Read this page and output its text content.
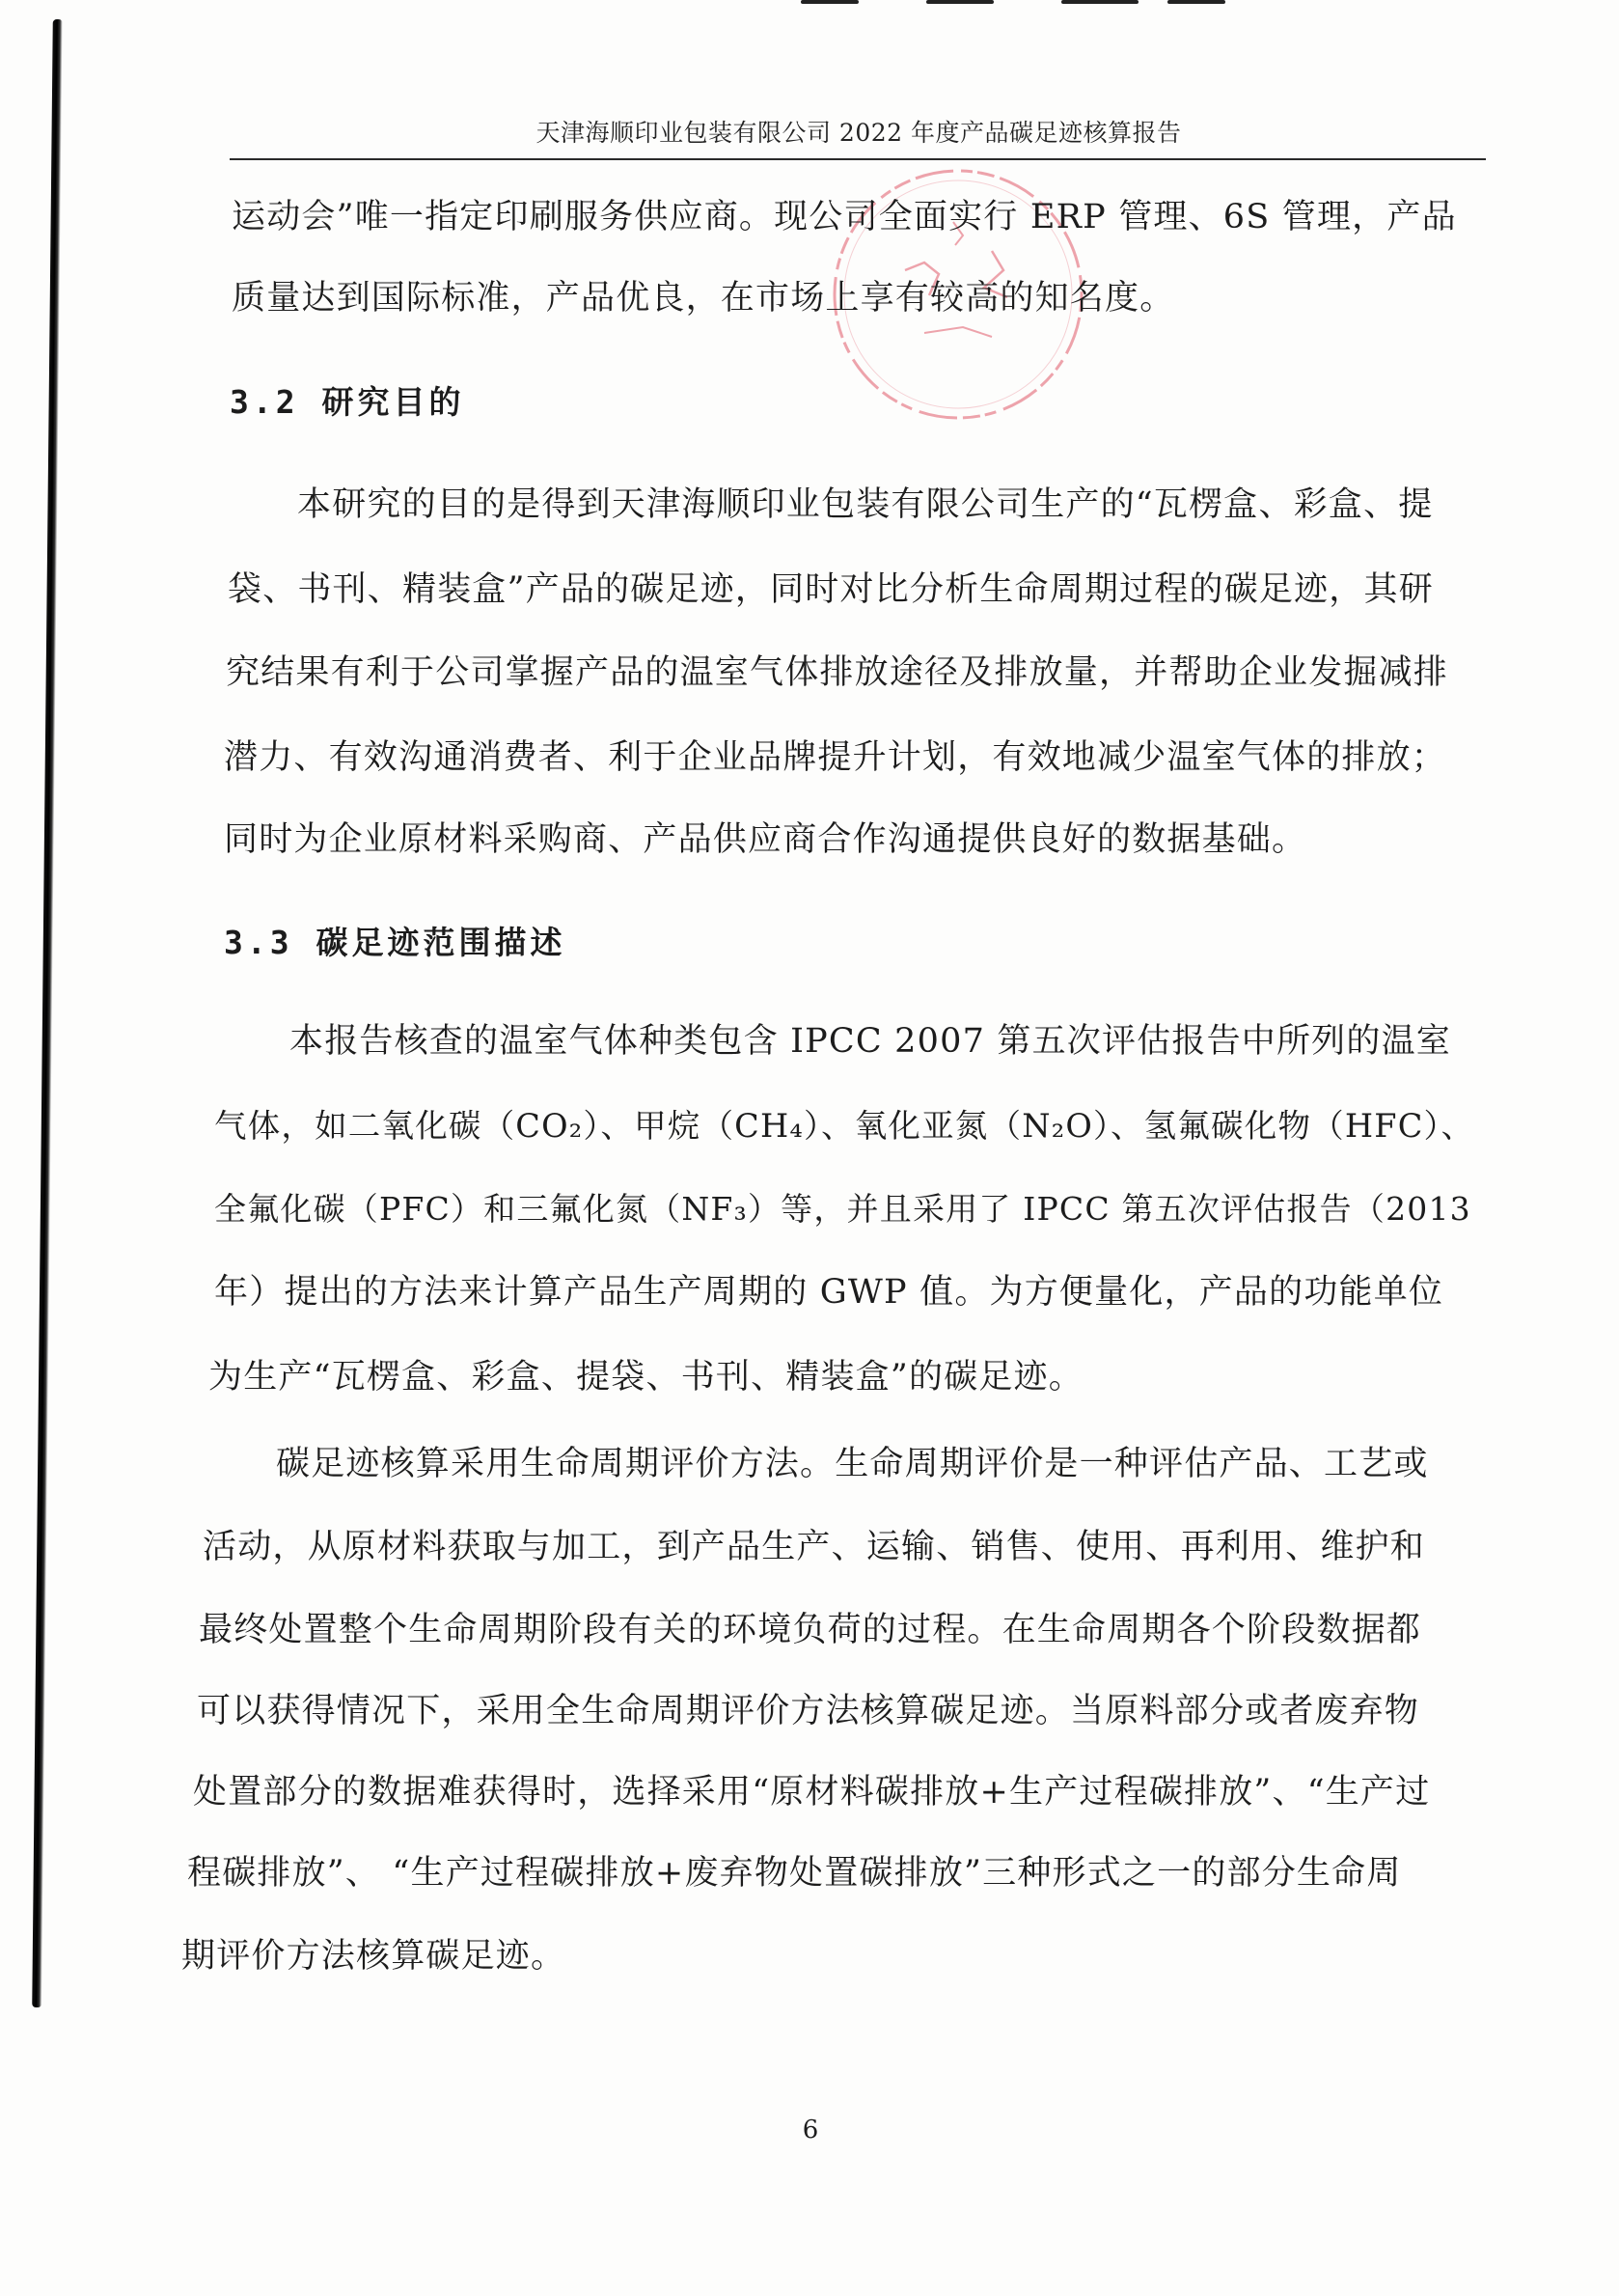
天津海顺印业包装有限公司 2022 年度产品碳足迹核算报告
运动会”唯一指定印刷服务供应商。现公司全面实行 ERP 管理、6S 管理，产品
质量达到国际标准，产品优良，在市场上享有较高的知名度。
3.2 研究目的
本研究的目的是得到天津海顺印业包装有限公司生产的“瓦楞盒、彩盒、提
袋、书刊、精装盒”产品的碳足迹，同时对比分析生命周期过程的碳足迹，其研
究结果有利于公司掌握产品的温室气体排放途径及排放量，并帮助企业发掘减排
潜力、有效沟通消费者、利于企业品牌提升计划，有效地减少温室气体的排放；
同时为企业原材料采购商、产品供应商合作沟通提供良好的数据基础。
3.3 碳足迹范围描述
本报告核查的温室气体种类包含 IPCC 2007 第五次评估报告中所列的温室
气体，如二氧化碳（CO₂）、甲烷（CH₄）、氧化亚氮（N₂O）、氢氟碳化物（HFC）、
全氟化碳（PFC）和三氟化氮（NF₃）等，并且采用了 IPCC 第五次评估报告（2013
年）提出的方法来计算产品生产周期的 GWP 值。为方便量化，产品的功能单位
为生产“瓦楞盒、彩盒、提袋、书刊、精装盒”的碳足迹。
碳足迹核算采用生命周期评价方法。生命周期评价是一种评估产品、工艺或
活动，从原材料获取与加工，到产品生产、运输、销售、使用、再利用、维护和
最终处置整个生命周期阶段有关的环境负荷的过程。在生命周期各个阶段数据都
可以获得情况下，采用全生命周期评价方法核算碳足迹。当原料部分或者废弃物
处置部分的数据难获得时，选择采用“原材料碳排放+生产过程碳排放”、“生产过
程碳排放”、 “生产过程碳排放+废弃物处置碳排放”三种形式之一的部分生命周
期评价方法核算碳足迹。
6
